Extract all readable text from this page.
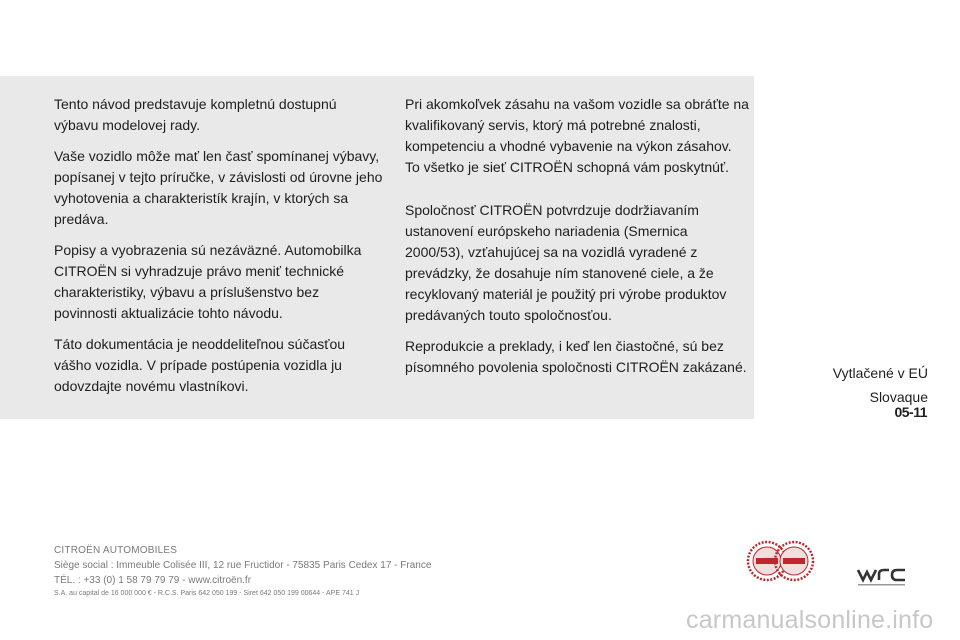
Tento návod predstavuje kompletnú dostupnú výbavu modelovej rady.

Vaše vozidlo môže mať len časť spomínanej výbavy, popísanej v tejto príručke, v závislosti od úrovne jeho vyhotovenia a charakteristík krajín, v ktorých sa predáva.

Popisy a vyobrazenia sú nezáväzné. Automobilka CITROËN si vyhradzuje právo meniť technické charakteristiky, výbavu a príslušenstvo bez povinnosti aktualizácie tohto návodu.

Táto dokumentácia je neoddeliteľnou súčasťou vášho vozidla. V prípade postúpenia vozidla ju odovzdajte novému vlastníkovi.

Pri akomkoľvek zásahu na vašom vozidle sa obráťte na kvalifikovaný servis, ktorý má potrebné znalosti, kompetenciu a vhodné vybavenie na výkon zásahov. To všetko je sieť CITROËN schopná vám poskytnúť.

Spoločnosť CITROËN potvrdzuje dodržiavaním ustanovení európskeho nariadenia (Smernica 2000/53), vzťahujúcej sa na vozidlá vyradené z prevádzky, že dosahuje ním stanovené ciele, a že recyklovaný materiál je použitý pri výrobe produktov predávaných touto spoločnosťou.

Reprodukcie a preklady, i keď len čiastočné, sú bez písomného povolenia spoločnosti CITROËN zakázané.	Vytlačené v EÚ
Slovaque
05-11
CITROËN AUTOMOBILES
Siège social : Immeuble Colisée III, 12 rue Fructidor - 75835 Paris Cedex 17 - France
TÉL. : +33 (0) 1 58 79 79 79 - www.citroën.fr
S.A. au capital de 16 000 000 € - R.C.S. Paris 642 050 199 - Siret 642 050 199 00644 - APE 741 J
carmanualsonline.info
